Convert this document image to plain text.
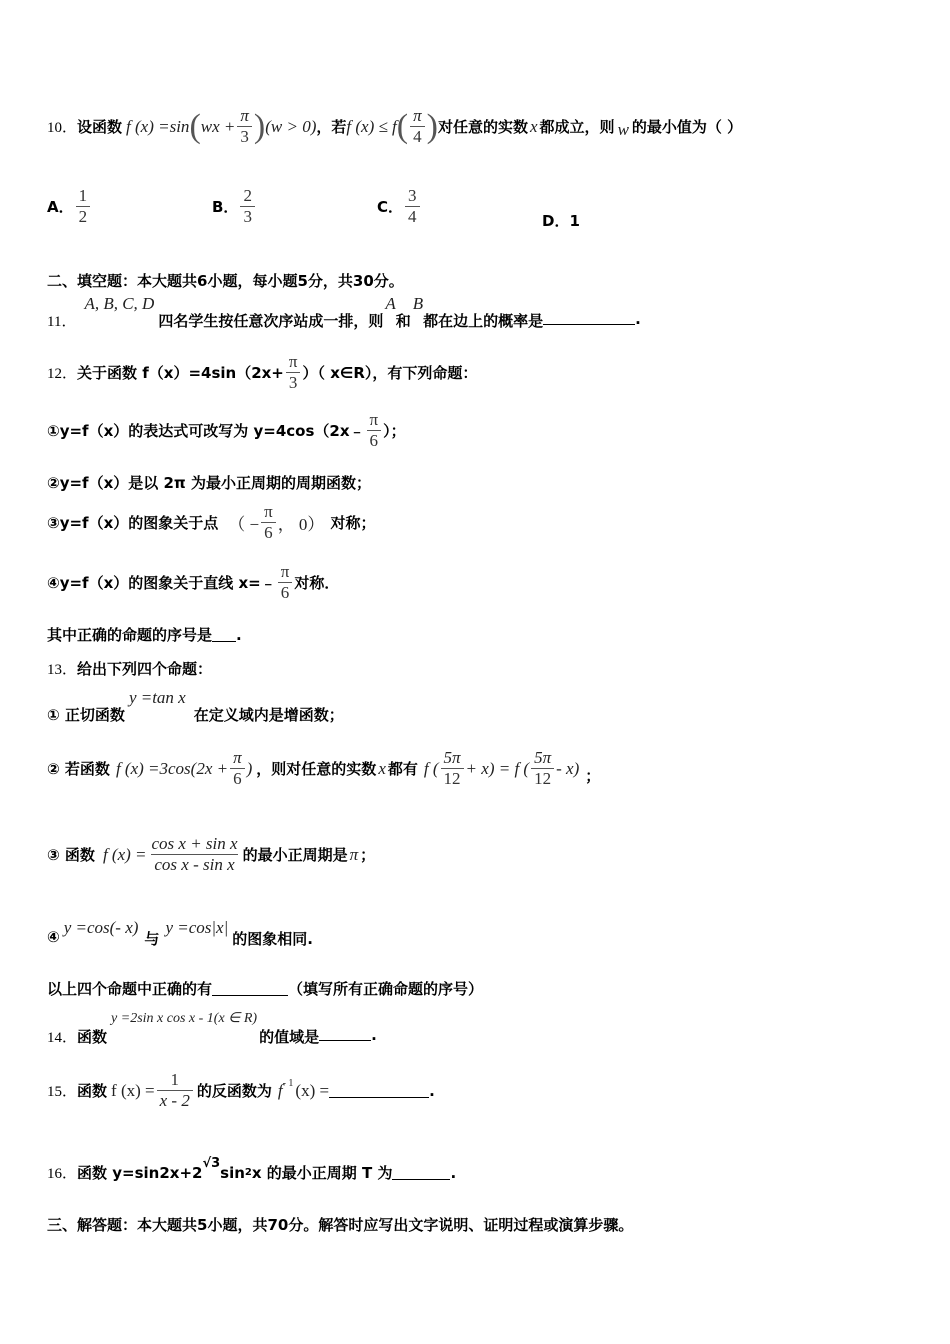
10． 设函数 f (x) =sin ( wx + $\frac{\pi}{3}$ ) (w > 0) ，若 f (x) ≤ f ( $\frac{\pi}{4}$ ) 对任意的实数 x 都成立，则 w 的最小值为（ ）
A． $\frac{1}{2}$	B． $\frac{2}{3}$	C． $\frac{3}{4}$	D． 1
二、填空题：本大题共6小题，每小题5分，共30分。
11．
A, B, C, D
四名学生按任意次序站成一排，则
A
和
B
都在边上的概率是	.
12． 关于函数 $f(x)=4\sin(2x+ \frac{\pi}{3}$ ）（ x∈R），有下列命题：
①y=f（x）的表达式可改写为 y=4cos（2x﹣ $\frac{\pi}{6}$ ）；
②y=f（x）是以 2π 为最小正周期的周期函数；
③y=f（x）的图象关于点 （ − $\frac{\pi}{6}$ ， 0） 对称；
④y=f（x）的图象关于直线 x=﹣ $\frac{\pi}{6}$ 对称．
其中正确的命题的序号是 .
13． 给出下列四个命题：
① 正切函数
y =tan x
在定义域内是增函数；
② 若函数 f $(x) =3\cos(2x + \frac{\pi}{6}$ ) ，则对任意的实数 x 都有 f ( $\frac{5\pi}{12} + x) = f$ ( $\frac{5\pi}{12} - x$) ；
③ 函数 f $(x) = \frac{\text{cos x + sin x}}{\text{cos x - sin x}}$ 的最小正周期是 π ；
④ y =cos(- x)
与
y =cos|x|
的图象相同.
以上四个命题中正确的有	（填写所有正确命题的序号）
14． 函数
y =2sin x cos x - 1(x ∈ R)
的值域是	.
15． 函数 f $(x) = \frac{1}{x - 2}$ 的反函数为 f - 1 (x) =	.
16． 函数 y=sin2x+2
√3 sin 2 x 的最小正周期 T 为	.
三、解答题：本大题共5小题，共70分。解答时应写出文字说明、证明过程或演算步骤。
